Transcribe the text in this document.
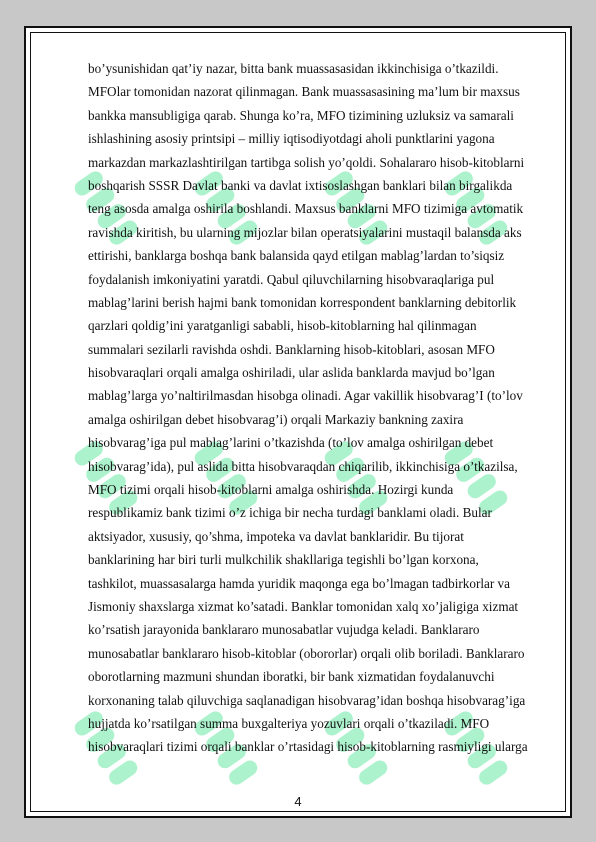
bo’ysunishidan qat’iy nazar, bitta bank muassasasidan ikkinchisiga o’tkazildi.
MFOlar tomonidan nazorat qilinmagan. Bank muassasasining ma’lum bir maxsus
bankka mansubligiga qarab. Shunga ko’ra, MFO tizimining uzluksiz va samarali
ishlashining asosiy printsipi – milliy iqtisodiyotdagi aholi punktlarini yagona
markazdan markazlashtirilgan tartibga solish yo’qoldi. Sohalararo hisob-kitoblarni
boshqarish SSSR Davlat banki va davlat ixtisoslashgan banklari bilan birgalikda
teng asosda amalga oshirila boshlandi. Maxsus banklarni MFO tizimiga avtomatik
ravishda kiritish, bu ularning mijozlar bilan operatsiyalarini mustaqil balansda aks
ettirishi, banklarga boshqa bank balansida qayd etilgan mablag’lardan to’siqsiz
foydalanish imkoniyatini yaratdi. Qabul qiluvchilarning hisobvaraqlariga pul
mablag’larini berish hajmi bank tomonidan korrespondent banklarning debitorlik
qarzlari qoldig’ini yaratganligi sababli, hisob-kitoblarning hal qilinmagan
summalari sezilarli ravishda oshdi. Banklarning hisob-kitoblari, asosan MFO
hisobvaraqlari orqali amalga oshiriladi, ular aslida banklarda mavjud bo’lgan
mablag’larga yo’naltirilmasdan hisobga olinadi. Agar vakillik hisobvarag’I (to’lov
amalga oshirilgan debet hisobvarag’i) orqali Markaziy bankning zaxira
hisobvarag’iga pul mablag’larini o’tkazishda (to’lov amalga oshirilgan debet
hisobvarag’ida), pul aslida bitta hisobvaraqdan chiqarilib, ikkinchisiga o’tkazilsa,
MFO tizimi orqali hisob-kitoblarni amalga oshirishda. Hozirgi kunda
respublikamiz bank tizimi o’z ichiga bir necha turdagi banklami oladi. Bular
aktsiyador, xususiy, qo’shma, impoteka va davlat banklaridir. Bu tijorat
banklarining har biri turli mulkchilik shakllariga tegishli bo’lgan korxona,
tashkilot, muassasalarga hamda yuridik maqonga ega bo’lmagan tadbirkorlar va
Jismoniy shaxslarga xizmat ko’satadi. Banklar tomonidan xalq xo’jaligiga xizmat
ko’rsatish jarayonida banklararo munosabatlar vujudga keladi. Banklararo
munosabatlar banklararo hisob-kitoblar (obororlar) orqali olib boriladi. Banklararo
oborotlarning mazmuni shundan iboratki, bir bank xizmatidan foydalanuvchi
korxonaning talab qiluvchiga saqlanadigan hisobvarag’idan boshqa hisobvarag’iga
hujjatda ko’rsatilgan summa buxgalteriya yozuvlari orqali o’tkaziladi. MFO
hisobvaraqlari tizimi orqali banklar o’rtasidagi hisob-kitoblarning rasmiyligi ularga
4
